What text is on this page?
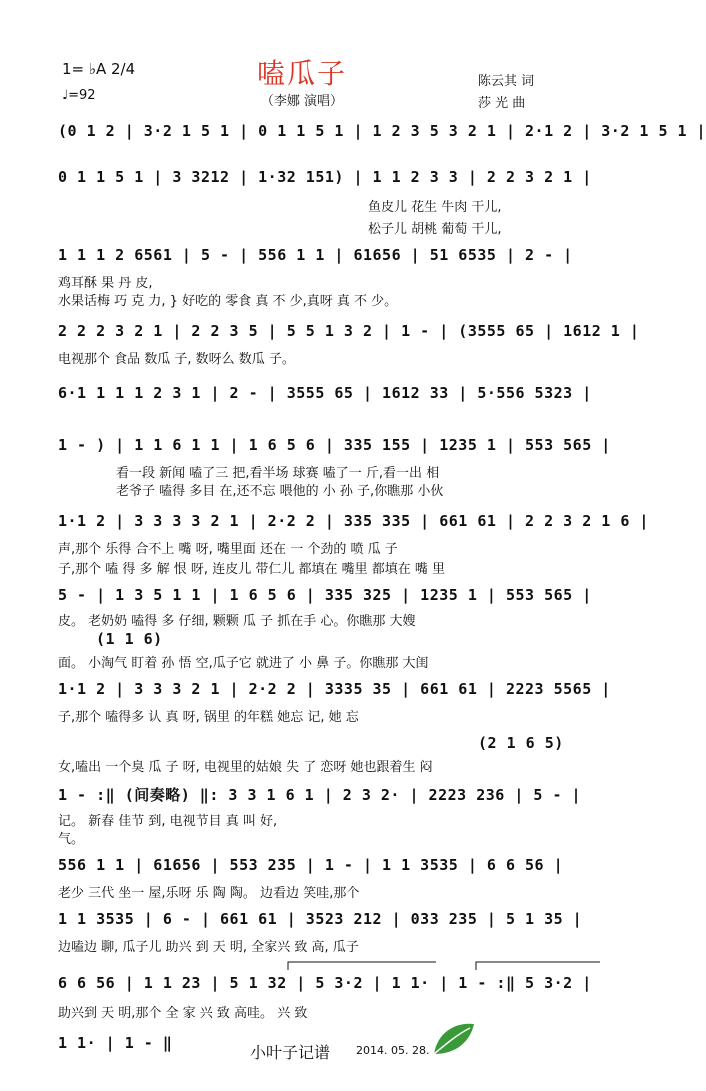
嗑瓜子
（李娜 演唱）
1= ♭A 2/4
♩=92
陈云其 词
莎 光 曲
(0 1 2 | 3·2 1 5 1 | 0 1 1 5 1 | 1 2 3 5 3 2 1 | 2·1 2 | 3·2 1 5 1 |
0 1 1 5 1 | 3 3212 | 1·32 151) | 1 1 2 3 3 | 2 2 3 2 1 |
鱼皮儿 花生 牛肉 干儿,
松子儿 胡桃 葡萄 干儿,
1 1 1 2 6561 | 5 - | 556 1 1 | 61656 | 51 6535 | 2 - |
鸡耳酥 果 丹 皮,
水果话梅 巧 克 力, } 好吃的 零食 真 不 少,真呀 真 不 少。
2 2 2 3 2 1 | 2 2 3 5 | 5 5 1 3 2 | 1 - | (3555 65 | 1612 1 |
电视那个 食品 数瓜 子, 数呀么 数瓜 子。
6·1 1 1 1 2 3 1 | 2 - | 3555 65 | 1612 33 | 5·556 5323 |
1 - ) | 1 1 6 1 1 | 1 6 5 6 | 335 155 | 1235 1 | 553 565 |
看一段 新闻 嗑了三 把,看半场 球赛 嗑了一 斤,看一出 相
老爷子 嗑得 多目 在,还不忘 喂他的 小 孙 子,你瞧那 小伙
1·1 2 | 3 3 3 3 2 1 | 2·2 2 | 335 335 | 661 61 | 2 2 3 2 1 6 |
声,那个 乐得 合不上 嘴 呀, 嘴里面 还在 一 个劲的 喷 瓜 子
子,那个 嗑 得 多 解 恨 呀, 连皮儿 带仁儿 都填在 嘴里 都填在 嘴 里
5 - | 1 3 5 1 1 | 1 6 5 6 | 335 325 | 1235 1 | 553 565 |
皮。 老奶奶 嗑得 多 仔细, 颗颗 瓜 子 抓在手 心。你瞧那 大嫂
(1 1 6)
面。 小淘气 盯着 孙 悟 空,瓜子它 就进了 小 鼻 子。你瞧那 大闺
1·1 2 | 3 3 3 2 1 | 2·2 2 | 3335 35 | 661 61 | 2223 5565 |
子,那个 嗑得多 认 真 呀, 锅里 的年糕 她忘 记, 她 忘
(2 1 6 5)
女,嗑出 一个臭 瓜 子 呀, 电视里的姑娘 失 了 恋呀 她也跟着生 闷
1 - :‖ (间奏略) ‖: 3 3 1 6 1 | 2 3 2· | 2223 236 | 5 - |
记。 新春 佳节 到, 电视节目 真 叫 好,
气。
556 1 1 | 61656 | 553 235 | 1 - | 1 1 3535 | 6 6 56 |
老少 三代 坐一 屋,乐呀 乐 陶 陶。 边看边 笑哇,那个
1 1 3535 | 6 - | 661 61 | 3523 212 | 033 235 | 5 1 35 |
边嗑边 聊, 瓜子儿 助兴 到 天 明, 全家兴 致 高, 瓜子
6 6 56 | 1 1 23 | 5 1 32 | 5 3·2 | 1 1· | 1 - :‖ 5 3·2 |
助兴到 天 明,那个 全 家 兴 致 高哇。 兴 致
1 1· | 1 - ‖	小叶子记谱 2014. 05. 28.
